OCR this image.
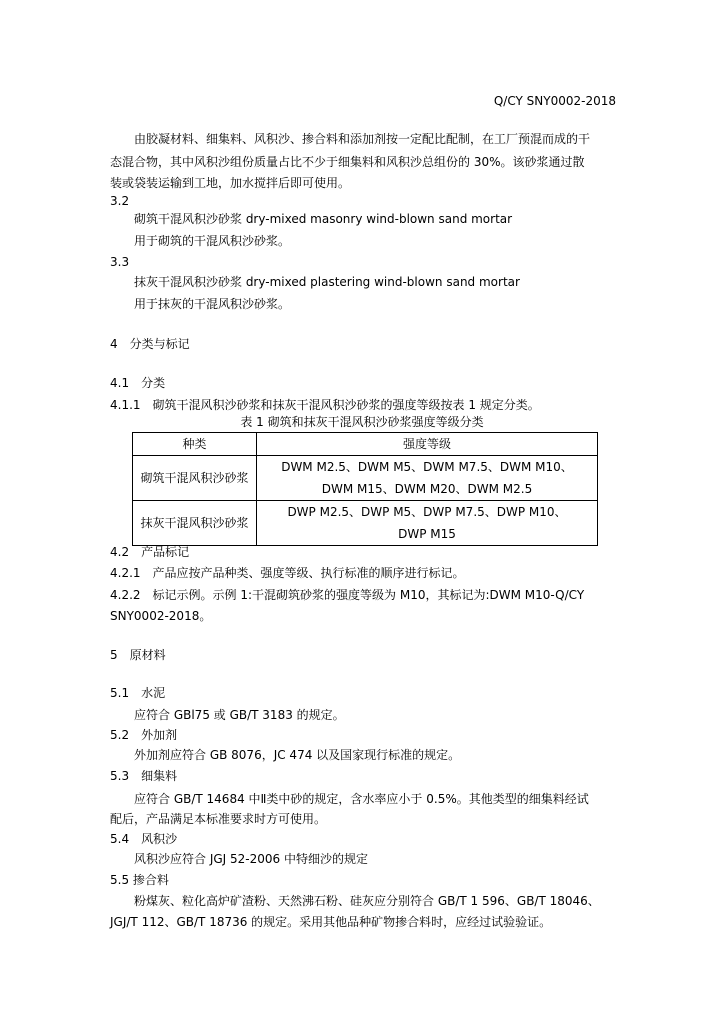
Q/CY SNY0002-2018
由胶凝材料、细集料、风积沙、掺合料和添加剂按一定配比配制，在工厂预混而成的干
态混合物，其中风积沙组份质量占比不少于细集料和风积沙总组份的 30%。该砂浆通过散
装或袋装运输到工地，加水搅拌后即可使用。
3.2
砌筑干混风积沙砂浆 dry-mixed masonry wind-blown sand mortar
用于砌筑的干混风积沙砂浆。
3.3
抹灰干混风积沙砂浆 dry-mixed plastering wind-blown sand mortar
用于抹灰的干混风积沙砂浆。
4　分类与标记
4.1　分类
4.1.1　砌筑干混风积沙砂浆和抹灰干混风积沙砂浆的强度等级按表 1 规定分类。
表 1 砌筑和抹灰干混风积沙砂浆强度等级分类
种类	强度等级
砌筑干混风积沙砂浆	DWM M2.5、DWM M5、DWM M7.5、DWM M10、
DWM M15、DWM M20、DWM M2.5

抹灰干混风积沙砂浆	DWP M2.5、DWP M5、DWP M7.5、DWP M10、
DWP M15
4.2　产品标记
4.2.1　产品应按产品种类、强度等级、执行标准的顺序进行标记。
4.2.2　标记示例。示例 1:干混砌筑砂浆的强度等级为 M10，其标记为:DWM M10-Q/CY
SNY0002-2018。
5　原材料
5.1　水泥
应符合 GBl75 或 GB/T 3183 的规定。
5.2　外加剂
外加剂应符合 GB 8076，JC 474 以及国家现行标准的规定。
5.3　细集料
应符合 GB/T 14684 中Ⅱ类中砂的规定，含水率应小于 0.5%。其他类型的细集料经试
配后，产品满足本标准要求时方可使用。
5.4　风积沙
风积沙应符合 JGJ 52-2006 中特细沙的规定
5.5 掺合料
粉煤灰、粒化高炉矿渣粉、天然沸石粉、硅灰应分别符合 GB/T 1 596、GB/T 18046、
JGJ/T 112、GB/T 18736 的规定。采用其他品种矿物掺合料时，应经过试验验证。
